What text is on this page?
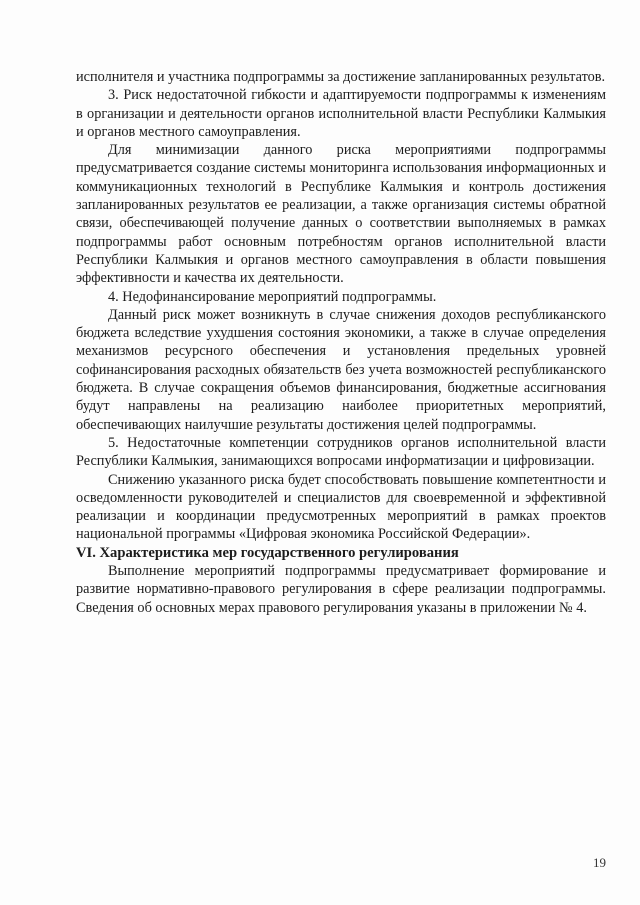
исполнителя и участника подпрограммы за достижение запланированных результатов.

3. Риск недостаточной гибкости и адаптируемости подпрограммы к изменениям в организации и деятельности органов исполнительной власти Республики Калмыкия и органов местного самоуправления.

Для минимизации данного риска мероприятиями подпрограммы предусматривается создание системы мониторинга использования информационных и коммуникационных технологий в Республике Калмыкия и контроль достижения запланированных результатов ее реализации, а также организация системы обратной связи, обеспечивающей получение данных о соответствии выполняемых в рамках подпрограммы работ основным потребностям органов исполнительной власти Республики Калмыкия и органов местного самоуправления в области повышения эффективности и качества их деятельности.

4. Недофинансирование мероприятий подпрограммы.

Данный риск может возникнуть в случае снижения доходов республиканского бюджета вследствие ухудшения состояния экономики, а также в случае определения механизмов ресурсного обеспечения и установления предельных уровней софинансирования расходных обязательств без учета возможностей республиканского бюджета. В случае сокращения объемов финансирования, бюджетные ассигнования будут направлены на реализацию наиболее приоритетных мероприятий, обеспечивающих наилучшие результаты достижения целей подпрограммы.

5. Недостаточные компетенции сотрудников органов исполнительной власти Республики Калмыкия, занимающихся вопросами информатизации и цифровизации.

Снижению указанного риска будет способствовать повышение компетентности и осведомленности руководителей и специалистов для своевременной и эффективной реализации и координации предусмотренных мероприятий в рамках проектов национальной программы «Цифровая экономика Российской Федерации».

VI. Характеристика мер государственного регулирования

Выполнение мероприятий подпрограммы предусматривает формирование и развитие нормативно-правового регулирования в сфере реализации подпрограммы. Сведения об основных мерах правового регулирования указаны в приложении № 4.

19
